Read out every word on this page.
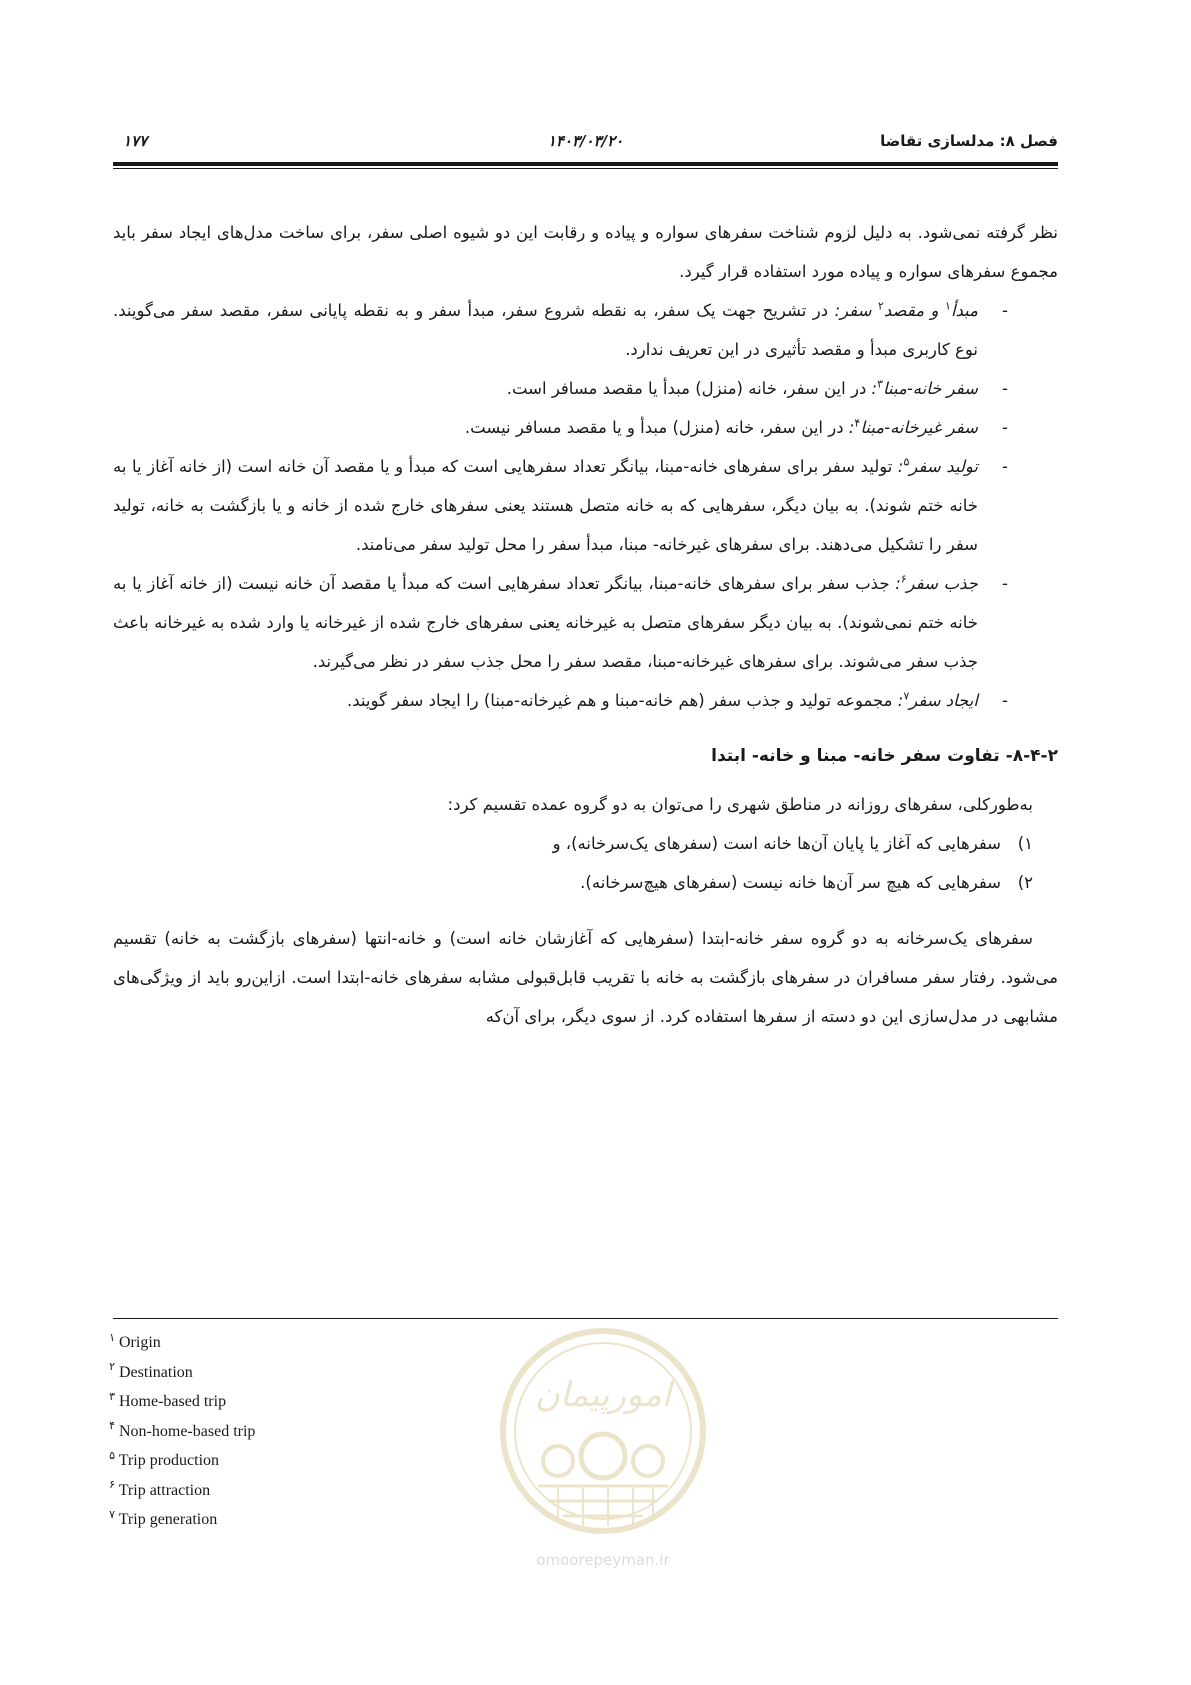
فصل ۸: مدلسازی تقاضا
۱۴۰۳/۰۳/۲۰
۱۷۷

نظر گرفته نمی‌شود. به دلیل لزوم شناخت سفرهای سواره و پیاده و رقابت این دو شیوه اصلی سفر، برای ساخت مدل‌های ایجاد سفر باید مجموع سفرهای سواره و پیاده مورد استفاده قرار گیرد.

-
مبدأ$^۱$ و مقصد$^۲$ سفر: در تشریح جهت یک سفر، به نقطه شروع سفر، مبدأ سفر و به نقطه پایانی سفر، مقصد سفر می‌گویند. نوع کاربری مبدأ و مقصد تأثیری در این تعریف ندارد.
-
سفر خانه-مبنا$^۳$: در این سفر، خانه (منزل) مبدأ یا مقصد مسافر است.
-
سفر غیرخانه-مبنا$^۴$: در این سفر، خانه (منزل) مبدأ و یا مقصد مسافر نیست.
-
تولید سفر$^۵$: تولید سفر برای سفرهای خانه-مبنا، بیانگر تعداد سفرهایی است که مبدأ و یا مقصد آن خانه است (از خانه آغاز یا به خانه ختم شوند). به بیان دیگر، سفرهایی که به خانه متصل هستند یعنی سفرهای خارج شده از خانه و یا بازگشت به خانه، تولید سفر را تشکیل می‌دهند. برای سفرهای غیرخانه- مبنا، مبدأ سفر را محل تولید سفر می‌نامند.
-
جذب سفر$^۶$: جذب سفر برای سفرهای خانه-مبنا، بیانگر تعداد سفرهایی است که مبدأ یا مقصد آن خانه نیست (از خانه آغاز یا به خانه ختم نمی‌شوند). به بیان دیگر سفرهای متصل به غیرخانه یعنی سفرهای خارج شده از غیرخانه یا وارد شده به غیرخانه باعث جذب سفر می‌شوند. برای سفرهای غیرخانه-مبنا، مقصد سفر را محل جذب سفر در نظر می‌گیرند.
-
ایجاد سفر$^۷$: مجموعه تولید و جذب سفر (هم خانه-مبنا و هم غیرخانه-مبنا) را ایجاد سفر گویند.
۸-۴-۲- تفاوت سفر خانه- مبنا و خانه- ابتدا

به‌طورکلی، سفرهای روزانه در مناطق شهری را می‌توان به دو گروه عمده تقسیم کرد:

۱)سفرهایی که آغاز یا پایان آن‌ها خانه است (سفرهای یک‌سرخانه)، و
۲)سفرهایی که هیچ سر آن‌ها خانه نیست (سفرهای هیچ‌سرخانه).

سفرهای یک‌سرخانه به دو گروه سفر خانه-ابتدا (سفرهایی که آغازشان خانه است) و خانه-انتها (سفرهای بازگشت به خانه) تقسیم می‌شود. رفتار سفر مسافران در سفرهای بازگشت به خانه با تقریب قابل‌قبولی مشابه سفرهای خانه-ابتدا است. ازاین‌رو باید از ویژگی‌های مشابهی در مدل‌سازی این دو دسته از سفرها استفاده کرد. از سوی دیگر، برای آن‌که

۱ Origin
۲ Destination
۳ Home-based trip
۴ Non-home-based trip
۵ Trip production
۶ Trip attraction
۷ Trip generation
امورپیمان
omoorepeyman.ir
